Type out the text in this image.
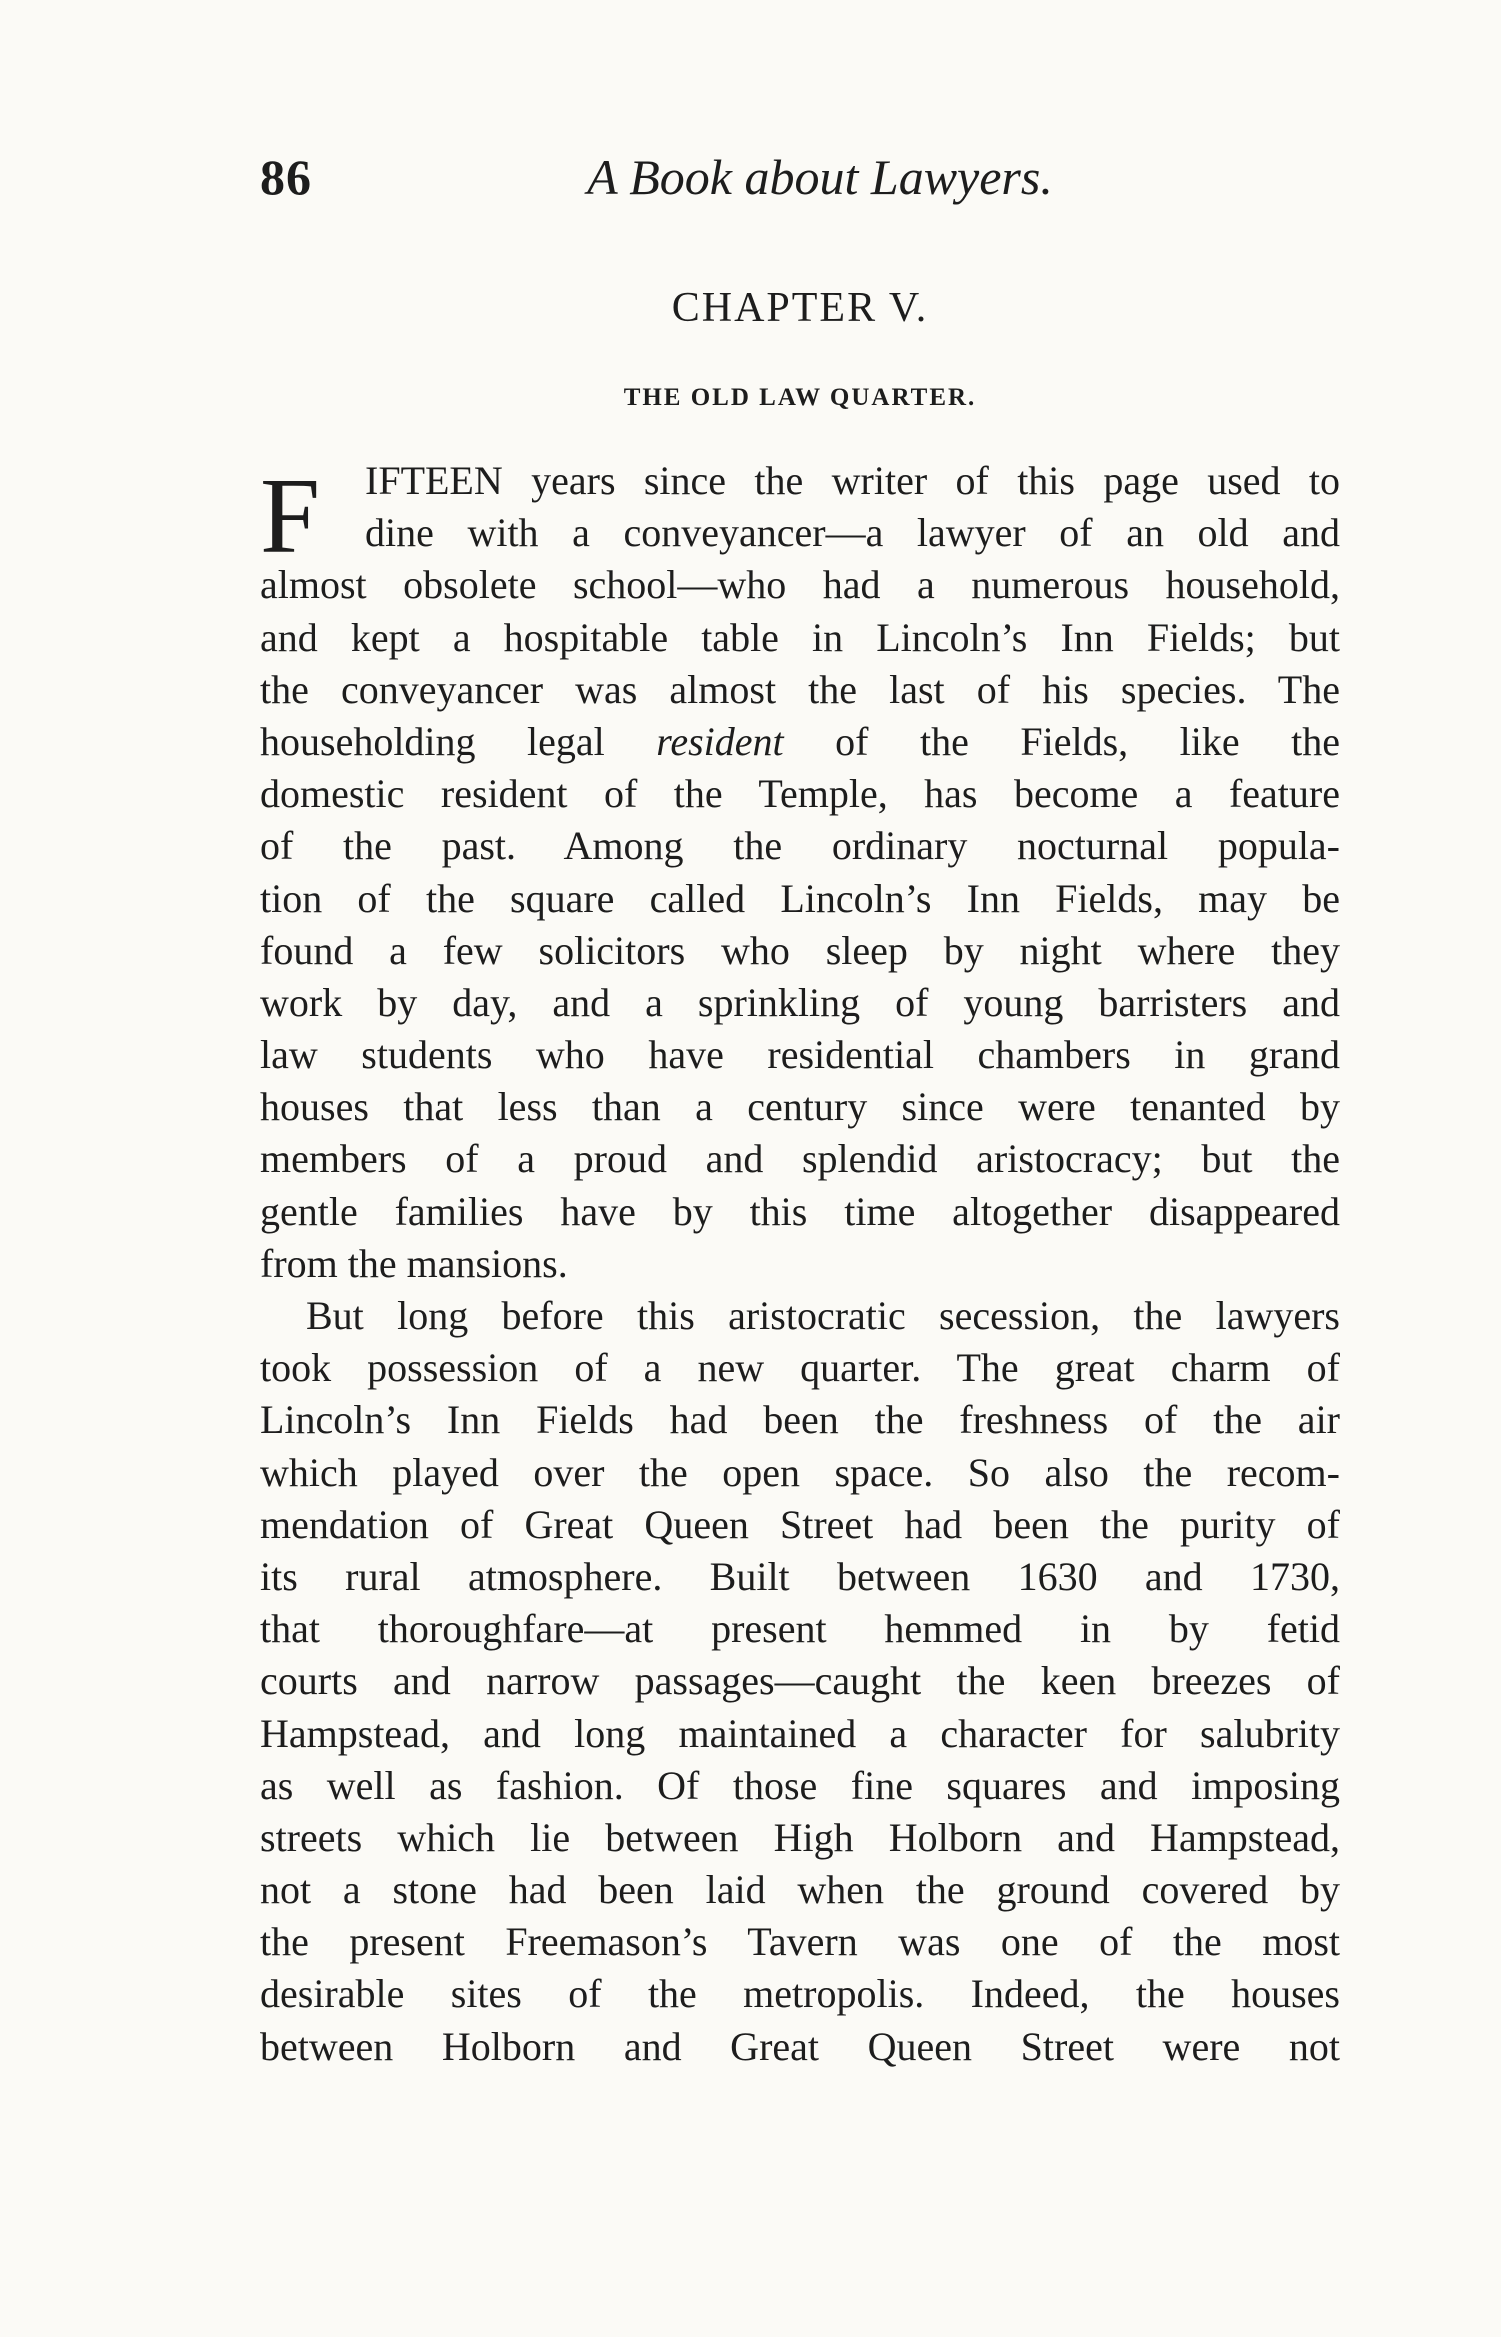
86	A Book about Lawyers.
CHAPTER V.
THE OLD LAW QUARTER.
F	IFTEEN years since the writer of this page used to
dine with a conveyancer—a lawyer of an old and
almost obsolete school—who had a numerous household,
and kept a hospitable table in Lincoln’s Inn Fields; but
the conveyancer was almost the last of his species. The
householding legal resident of the Fields, like the
domestic resident of the Temple, has become a feature
of the past. Among the ordinary nocturnal popula-
tion of the square called Lincoln’s Inn Fields, may be
found a few solicitors who sleep by night where they
work by day, and a sprinkling of young barristers and
law students who have residential chambers in grand
houses that less than a century since were tenanted by
members of a proud and splendid aristocracy; but the
gentle families have by this time altogether disappeared
from the mansions.
But long before this aristocratic secession, the lawyers
took possession of a new quarter. The great charm of
Lincoln’s Inn Fields had been the freshness of the air
which played over the open space. So also the recom-
mendation of Great Queen Street had been the purity of
its rural atmosphere. Built between 1630 and 1730,
that thoroughfare—at present hemmed in by fetid
courts and narrow passages—caught the keen breezes of
Hampstead, and long maintained a character for salubrity
as well as fashion. Of those fine squares and imposing
streets which lie between High Holborn and Hampstead,
not a stone had been laid when the ground covered by
the present Freemason’s Tavern was one of the most
desirable sites of the metropolis. Indeed, the houses
between Holborn and Great Queen Street were not
